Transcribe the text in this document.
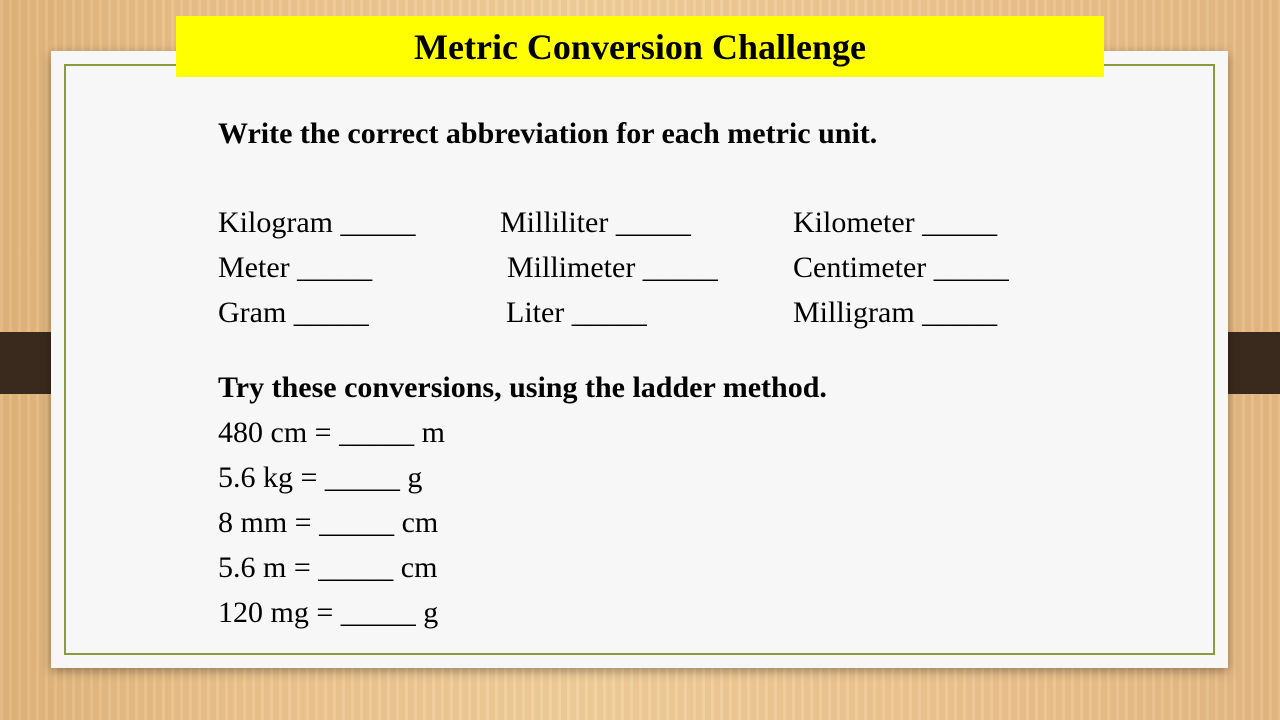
Metric Conversion Challenge
Write the correct abbreviation for each metric unit.
Kilogram _____	Milliliter _____	Kilometer _____
Meter _____	Millimeter _____	Centimeter _____
Gram _____	Liter _____	Milligram _____
Try these conversions, using the ladder method.
480 cm = _____ m
5.6 kg = _____ g
8 mm = _____ cm
5.6 m = _____ cm
120 mg = _____ g
